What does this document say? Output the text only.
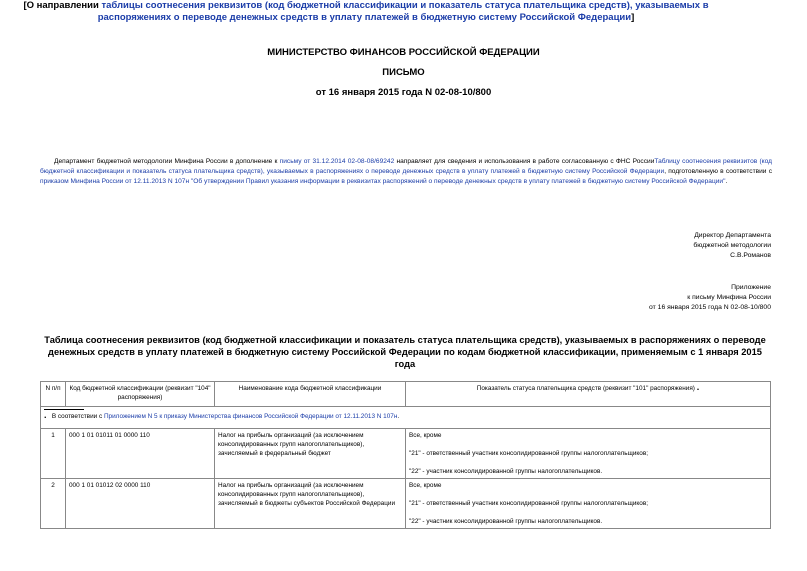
МИНИСТЕРСТВО ФИНАНСОВ РОССИЙСКОЙ ФЕДЕРАЦИИ
ПИСЬМО
от 16 января 2015 года N 02-08-10/800
[О направлении таблицы соотнесения реквизитов (код бюджетной классификации и показатель статуса плательщика средств), указываемых в распоряжениях о переводе денежных средств в уплату платежей в бюджетную систему Российской Федерации]
Департамент бюджетной методологии Минфина России в дополнение к письму от 31.12.2014 02-08-08/69242 направляет для сведения и использования в работе согласованную с ФНС РоссииТаблицу соотнесения реквизитов (код бюджетной классификации и показатель статуса плательщика средств), указываемых в распоряжениях о переводе денежных средств в уплату платежей в бюджетную систему Российской Федерации, подготовленную в соответствии с приказом Минфина России от 12.11.2013 N 107н "Об утверждении Правил указания информации в реквизитах распоряжений о переводе денежных средств в уплату платежей в бюджетную систему Российской Федерации".
Директор Департамента
бюджетной методологии
С.В.Романов
Приложение
к письму Минфина России
от 16 января 2015 года N 02-08-10/800
Таблица соотнесения реквизитов (код бюджетной классификации и показатель статуса плательщика средств), указываемых в распоряжениях о переводе денежных средств в уплату платежей в бюджетную систему Российской Федерации по кодам бюджетной классификации, применяемым с 1 января 2015 года
N п/п	Код бюджетной классификации (реквизит "104" распоряжения)	Наименование кода бюджетной классификации	Показатель статуса плательщика средств (реквизит "101" распоряжения) .

. В соответствии с Приложением N 5 к приказу Министерства финансов Российской Федерации от 12.11.2013 N 107н.			
1	000 1 01 01011 01 0000 110	Налог на прибыль организаций (за исключением консолидированных групп налогоплательщиков), зачисляемый в федеральный бюджет	Все, кроме
"21" - ответственный участник консолидированной группы налогоплательщиков;
"22" - участник консолидированной группы налогоплательщиков.

2	000 1 01 01012 02 0000 110	Налог на прибыль организаций (за исключением консолидированных групп налогоплательщиков), зачисляемый в бюджеты субъектов Российской Федерации	Все, кроме
"21" - ответственный участник консолидированной группы налогоплательщиков;
"22" - участник консолидированной группы налогоплательщиков.
